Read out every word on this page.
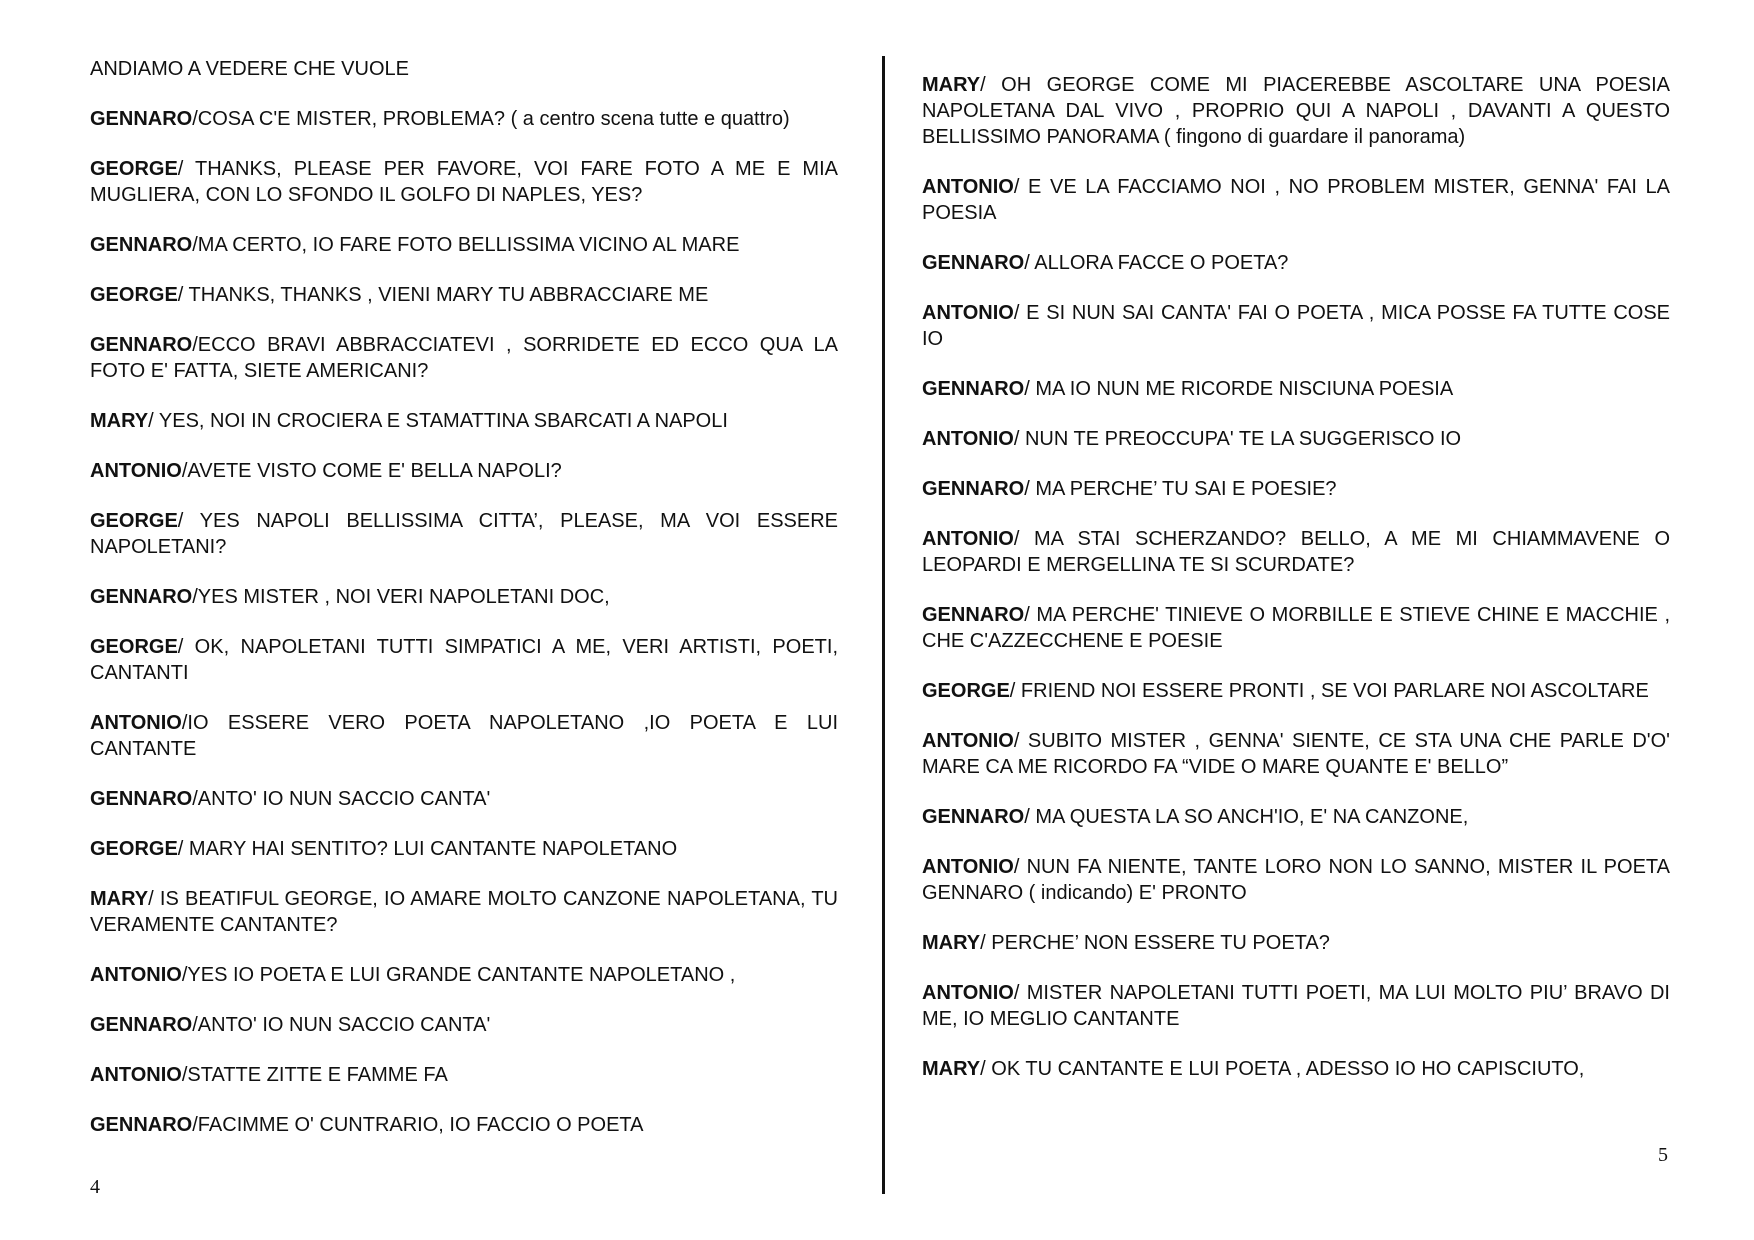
ANDIAMO A VEDERE CHE VUOLE

GENNARO/COSA C'E MISTER, PROBLEMA? ( a centro scena tutte e quattro)

GEORGE/ THANKS, PLEASE PER FAVORE, VOI FARE FOTO A ME E MIA MUGLIERA, CON LO SFONDO IL GOLFO DI NAPLES, YES?

GENNARO/MA CERTO, IO FARE FOTO BELLISSIMA VICINO AL MARE

GEORGE/ THANKS, THANKS , VIENI MARY TU ABBRACCIARE ME

GENNARO/ECCO BRAVI ABBRACCIATEVI , SORRIDETE ED ECCO QUA LA FOTO E' FATTA, SIETE AMERICANI?

MARY/ YES, NOI IN CROCIERA E STAMATTINA SBARCATI A NAPOLI

ANTONIO/AVETE VISTO COME E' BELLA NAPOLI?

GEORGE/ YES NAPOLI BELLISSIMA CITTA’, PLEASE, MA VOI ESSERE NAPOLETANI?

GENNARO/YES MISTER , NOI VERI NAPOLETANI DOC,

GEORGE/ OK, NAPOLETANI TUTTI SIMPATICI A ME, VERI ARTISTI, POETI, CANTANTI

ANTONIO/IO ESSERE VERO POETA NAPOLETANO ,IO POETA E LUI CANTANTE

GENNARO/ANTO' IO NUN SACCIO CANTA'

GEORGE/ MARY HAI SENTITO? LUI CANTANTE NAPOLETANO

MARY/ IS BEATIFUL GEORGE, IO AMARE MOLTO CANZONE NAPOLETANA, TU VERAMENTE CANTANTE?

ANTONIO/YES IO POETA E LUI GRANDE CANTANTE NAPOLETANO ,

GENNARO/ANTO' IO NUN SACCIO CANTA'

ANTONIO/STATTE ZITTE E FAMME FA

GENNARO/FACIMME O' CUNTRARIO, IO FACCIO O POETA

MARY/ OH GEORGE COME MI PIACEREBBE ASCOLTARE UNA POESIA NAPOLETANA DAL VIVO , PROPRIO QUI A NAPOLI , DAVANTI A QUESTO BELLISSIMO PANORAMA ( fingono di guardare il panorama)

ANTONIO/ E VE LA FACCIAMO NOI , NO PROBLEM MISTER, GENNA' FAI LA POESIA

GENNARO/ ALLORA FACCE O POETA?

ANTONIO/ E SI NUN SAI CANTA' FAI O POETA , MICA POSSE FA TUTTE COSE IO

GENNARO/ MA IO NUN ME RICORDE NISCIUNA POESIA

ANTONIO/ NUN TE PREOCCUPA' TE LA SUGGERISCO IO

GENNARO/ MA PERCHE’ TU SAI E POESIE?

ANTONIO/ MA STAI SCHERZANDO? BELLO, A ME MI CHIAMMAVENE O LEOPARDI E MERGELLINA TE SI SCURDATE?

GENNARO/ MA PERCHE' TINIEVE O MORBILLE E STIEVE CHINE E MACCHIE , CHE C'AZZECCHENE E POESIE

GEORGE/ FRIEND NOI ESSERE PRONTI , SE VOI PARLARE NOI ASCOLTARE

ANTONIO/ SUBITO MISTER , GENNA' SIENTE, CE STA UNA CHE PARLE D'O' MARE CA ME RICORDO FA “VIDE O MARE QUANTE E' BELLO”

GENNARO/ MA QUESTA LA SO ANCH'IO, E' NA CANZONE,

ANTONIO/ NUN FA NIENTE, TANTE LORO NON LO SANNO, MISTER IL POETA GENNARO ( indicando) E' PRONTO

MARY/ PERCHE’ NON ESSERE TU POETA?

ANTONIO/ MISTER NAPOLETANI TUTTI POETI, MA LUI MOLTO PIU’ BRAVO DI ME, IO MEGLIO CANTANTE

MARY/ OK TU CANTANTE E LUI POETA , ADESSO IO HO CAPISCIUTO,

4
5
